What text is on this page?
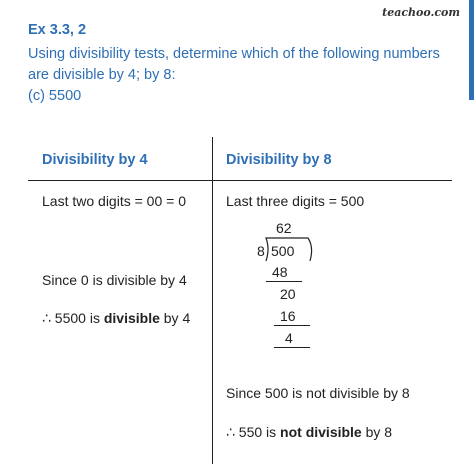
teachoo.com
Ex 3.3, 2
Using divisibility tests, determine which of the following numbers
are divisible by 4; by 8:
(c) 5500
Divisibility by 4	Divisibility by 8
Last two digits = 00 = 0
Since 0 is divisible by 4
∴ 5500 is divisible by 4
Last three digits = 500
62
8 500
48
20
16
4
Since 500 is not divisible by 8
∴ 550 is not divisible by 8
